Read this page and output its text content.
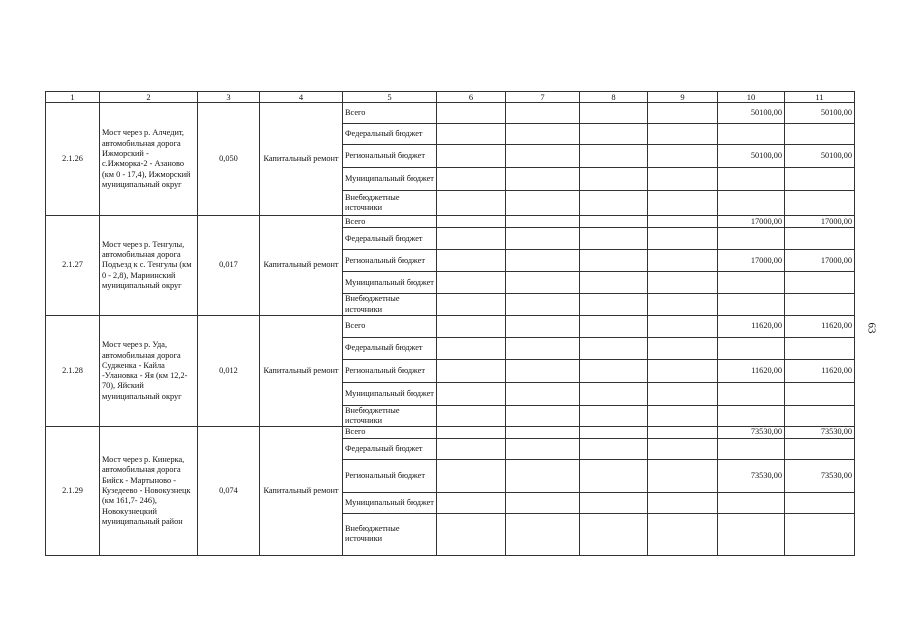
1	2	3	4	5	6	7	8	9	10	11
2.1.26	Мост через р. Алчедит, автомобильная дорога Ижморский - с.Ижморка-2 - Азаново (км 0 - 17,4), Ижморский муниципальный округ	0,050	Капитальный ремонт	Всего					50100,00	50100,00
				Федеральный бюджет						
				Региональный бюджет					50100,00	50100,00
				Муниципальный бюджет						
				Внебюджетные источники						
2.1.27	Мост через р. Тенгулы, автомобильная дорога Подъезд к с. Тенгулы (км 0 - 2,8), Мариинский муниципальный округ	0,017	Капитальный ремонт	Всего					17000,00	17000,00
				Федеральный бюджет						
				Региональный бюджет					17000,00	17000,00
				Муниципальный бюджет						
				Внебюджетные источники						
2.1.28	Мост через р. Уда, автомобильная дорога Судженка - Кайла -Улановка - Яя (км 12,2- 70), Яйский муниципальный округ	0,012	Капитальный ремонт	Всего					11620,00	11620,00
				Федеральный бюджет						
				Региональный бюджет					11620,00	11620,00
				Муниципальный бюджет						
				Внебюджетные источники						
2.1.29	Мост через р. Кинерка, автомобильная дорога Бийск - Мартыново - Кузедеево - Новокузнецк (км 161,7- 246), Новокузнецкий муниципальный район	0,074	Капитальный ремонт	Всего					73530,00	73530,00
				Федеральный бюджет						
				Региональный бюджет					73530,00	73530,00
				Муниципальный бюджет						
				Внебюджетные источники						
63
